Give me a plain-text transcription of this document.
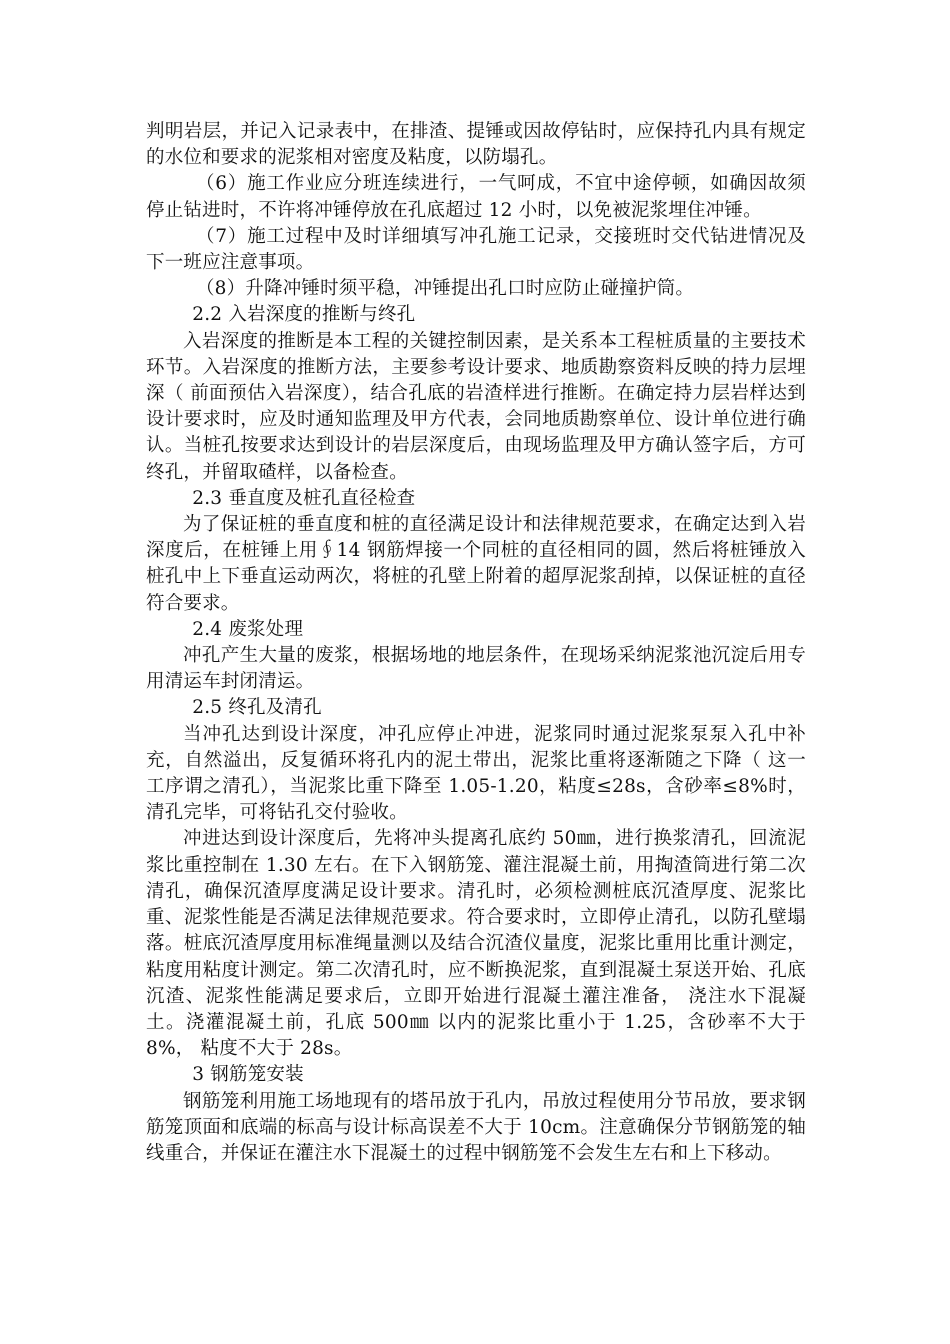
判明岩层，并记入记录表中，在排渣、提锤或因故停钻时，应保持孔内具有规定的水位和要求的泥浆相对密度及粘度，以防塌孔。

（6）施工作业应分班连续进行，一气呵成，不宜中途停顿，如确因故须停止钻进时，不许将冲锤停放在孔底超过 12 小时，以免被泥浆埋住冲锤。

（7）施工过程中及时详细填写冲孔施工记录，交接班时交代钻进情况及下一班应注意事项。

（8）升降冲锤时须平稳，冲锤提出孔口时应防止碰撞护筒。

2.2 入岩深度的推断与终孔

入岩深度的推断是本工程的关键控制因素，是关系本工程桩质量的主要技术环节。入岩深度的推断方法，主要参考设计要求、地质勘察资料反映的持力层埋深（ 前面预估入岩深度），结合孔底的岩渣样进行推断。在确定持力层岩样达到设计要求时，应及时通知监理及甲方代表，会同地质勘察单位、设计单位进行确认。当桩孔按要求达到设计的岩层深度后，由现场监理及甲方确认签字后，方可终孔，并留取碴样，以备检查。

2.3 垂直度及桩孔直径检查

为了保证桩的垂直度和桩的直径满足设计和法律规范要求，在确定达到入岩深度后，在桩锤上用∮14 钢筋焊接一个同桩的直径相同的圆，然后将桩锤放入桩孔中上下垂直运动两次，将桩的孔壁上附着的超厚泥浆刮掉，以保证桩的直径符合要求。

2.4 废浆处理

冲孔产生大量的废浆，根据场地的地层条件，在现场采纳泥浆池沉淀后用专用清运车封闭清运。

2.5 终孔及清孔

当冲孔达到设计深度，冲孔应停止冲进，泥浆同时通过泥浆泵泵入孔中补充，自然溢出，反复循环将孔内的泥土带出，泥浆比重将逐渐随之下降（ 这一工序谓之清孔），当泥浆比重下降至 1.05-1.20，粘度≤28s，含砂率≤8%时，清孔完毕，可将钻孔交付验收。

冲进达到设计深度后，先将冲头提离孔底约 50㎜，进行换浆清孔，回流泥浆比重控制在 1.30 左右。在下入钢筋笼、灌注混凝土前，用掏渣筒进行第二次清孔，确保沉渣厚度满足设计要求。清孔时，必须检测桩底沉渣厚度、泥浆比重、泥浆性能是否满足法律规范要求。符合要求时，立即停止清孔，以防孔壁塌落。桩底沉渣厚度用标准绳量测以及结合沉渣仪量度，泥浆比重用比重计测定，粘度用粘度计测定。第二次清孔时，应不断换泥浆，直到混凝土泵送开始、孔底沉渣、泥浆性能满足要求后，立即开始进行混凝土灌注准备， 浇注水下混凝土。浇灌混凝土前，孔底 500㎜ 以内的泥浆比重小于 1.25，含砂率不大于 8%， 粘度不大于 28s。

3 钢筋笼安装

钢筋笼利用施工场地现有的塔吊放于孔内，吊放过程使用分节吊放，要求钢筋笼顶面和底端的标高与设计标高误差不大于 10cm。注意确保分节钢筋笼的轴线重合，并保证在灌注水下混凝土的过程中钢筋笼不会发生左右和上下移动。
